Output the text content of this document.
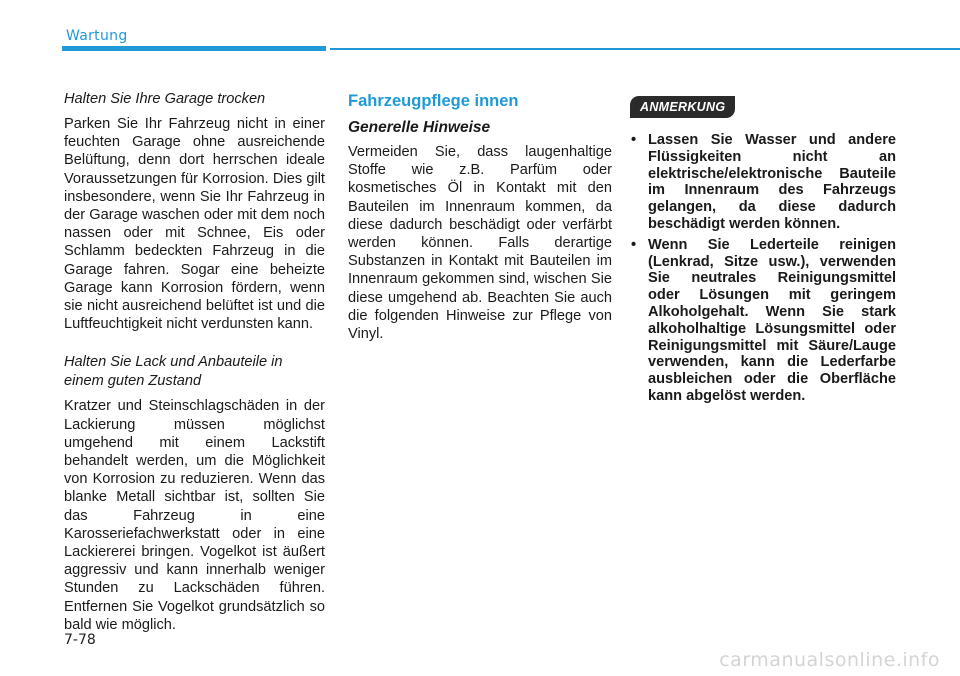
Wartung

Halten Sie Ihre Garage trocken

Parken Sie Ihr Fahrzeug nicht in einer feuchten Garage ohne ausreichende Belüftung, denn dort herrschen ideale Voraussetzungen für Korrosion. Dies gilt insbesondere, wenn Sie Ihr Fahrzeug in der Garage waschen oder mit dem noch nassen oder mit Schnee, Eis oder Schlamm bedeckten Fahrzeug in die Garage fahren. Sogar eine beheizte Garage kann Korrosion fördern, wenn sie nicht ausreichend belüftet ist und die Luftfeuchtigkeit nicht verdunsten kann.

Halten Sie Lack und Anbauteile in einem guten Zustand

Kratzer und Steinschlagschäden in der Lackierung müssen möglichst umgehend mit einem Lackstift behandelt werden, um die Möglichkeit von Korrosion zu reduzieren. Wenn das blanke Metall sichtbar ist, sollten Sie das Fahrzeug in eine Karosseriefachwerkstatt oder in eine Lackiererei bringen. Vogelkot ist äußert aggressiv und kann innerhalb weniger Stunden zu Lackschäden führen. Entfernen Sie Vogelkot grundsätzlich so bald wie möglich.

Fahrzeugpflege innen

Generelle Hinweise

Vermeiden Sie, dass laugenhaltige Stoffe wie z.B. Parfüm oder kosmetisches Öl in Kontakt mit den Bauteilen im Innenraum kommen, da diese dadurch beschädigt oder verfärbt werden können. Falls derartige Substanzen in Kontakt mit Bauteilen im Innenraum gekommen sind, wischen Sie diese umgehend ab. Beachten Sie auch die folgenden Hinweise zur Pflege von Vinyl.

ANMERKUNG
• Lassen Sie Wasser und andere Flüssigkeiten nicht an elektrische/elektronische Bauteile im Innenraum des Fahrzeugs gelangen, da diese dadurch beschädigt werden können.
• Wenn Sie Lederteile reinigen (Lenkrad, Sitze usw.), verwenden Sie neutrales Reinigungsmittel oder Lösungen mit geringem Alkoholgehalt. Wenn Sie stark alkoholhaltige Lösungsmittel oder Reinigungsmittel mit Säure/Lauge verwenden, kann die Lederfarbe ausbleichen oder die Oberfläche kann abgelöst werden.
7-78
carmanualsonline.info
